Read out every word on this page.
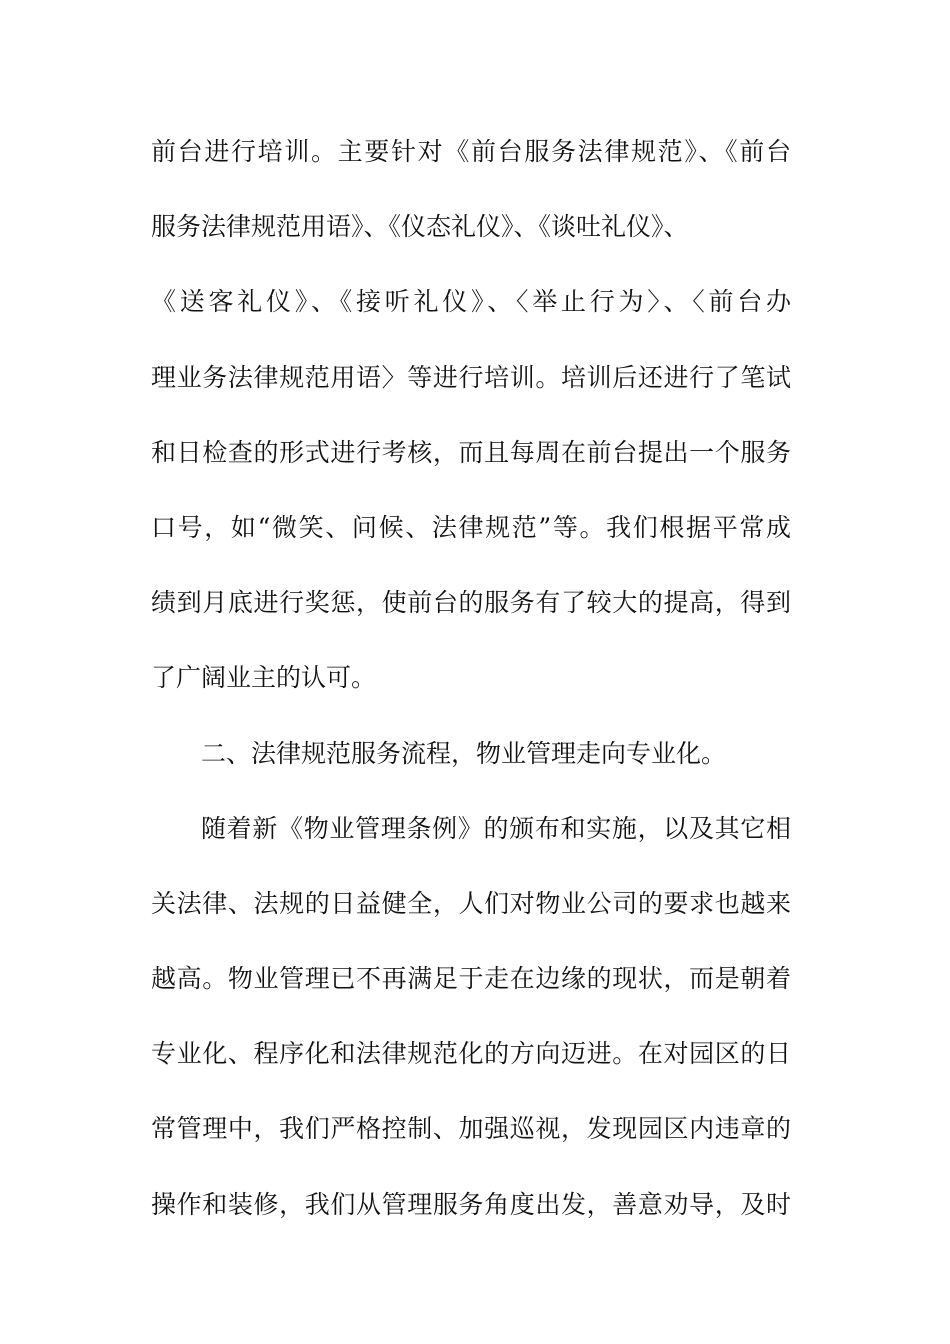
前台进行培训。主要针对《前台服务法律规范》、《前台
服务法律规范用语》、《仪态礼仪》、《谈吐礼仪》、
《送客礼仪》、《接听礼仪》、〈举止行为〉、〈前台办
理业务法律规范用语〉等进行培训。培训后还进行了笔试
和日检查的形式进行考核，而且每周在前台提出一个服务
口号，如“微笑、问候、法律规范”等。我们根据平常成
绩到月底进行奖惩，使前台的服务有了较大的提高，得到
了广阔业主的认可。
二、法律规范服务流程，物业管理走向专业化。
随着新《物业管理条例》的颁布和实施，以及其它相
关法律、法规的日益健全，人们对物业公司的要求也越来
越高。物业管理已不再满足于走在边缘的现状，而是朝着
专业化、程序化和法律规范化的方向迈进。在对园区的日
常管理中，我们严格控制、加强巡视，发现园区内违章的
操作和装修，我们从管理服务角度出发，善意劝导，及时
